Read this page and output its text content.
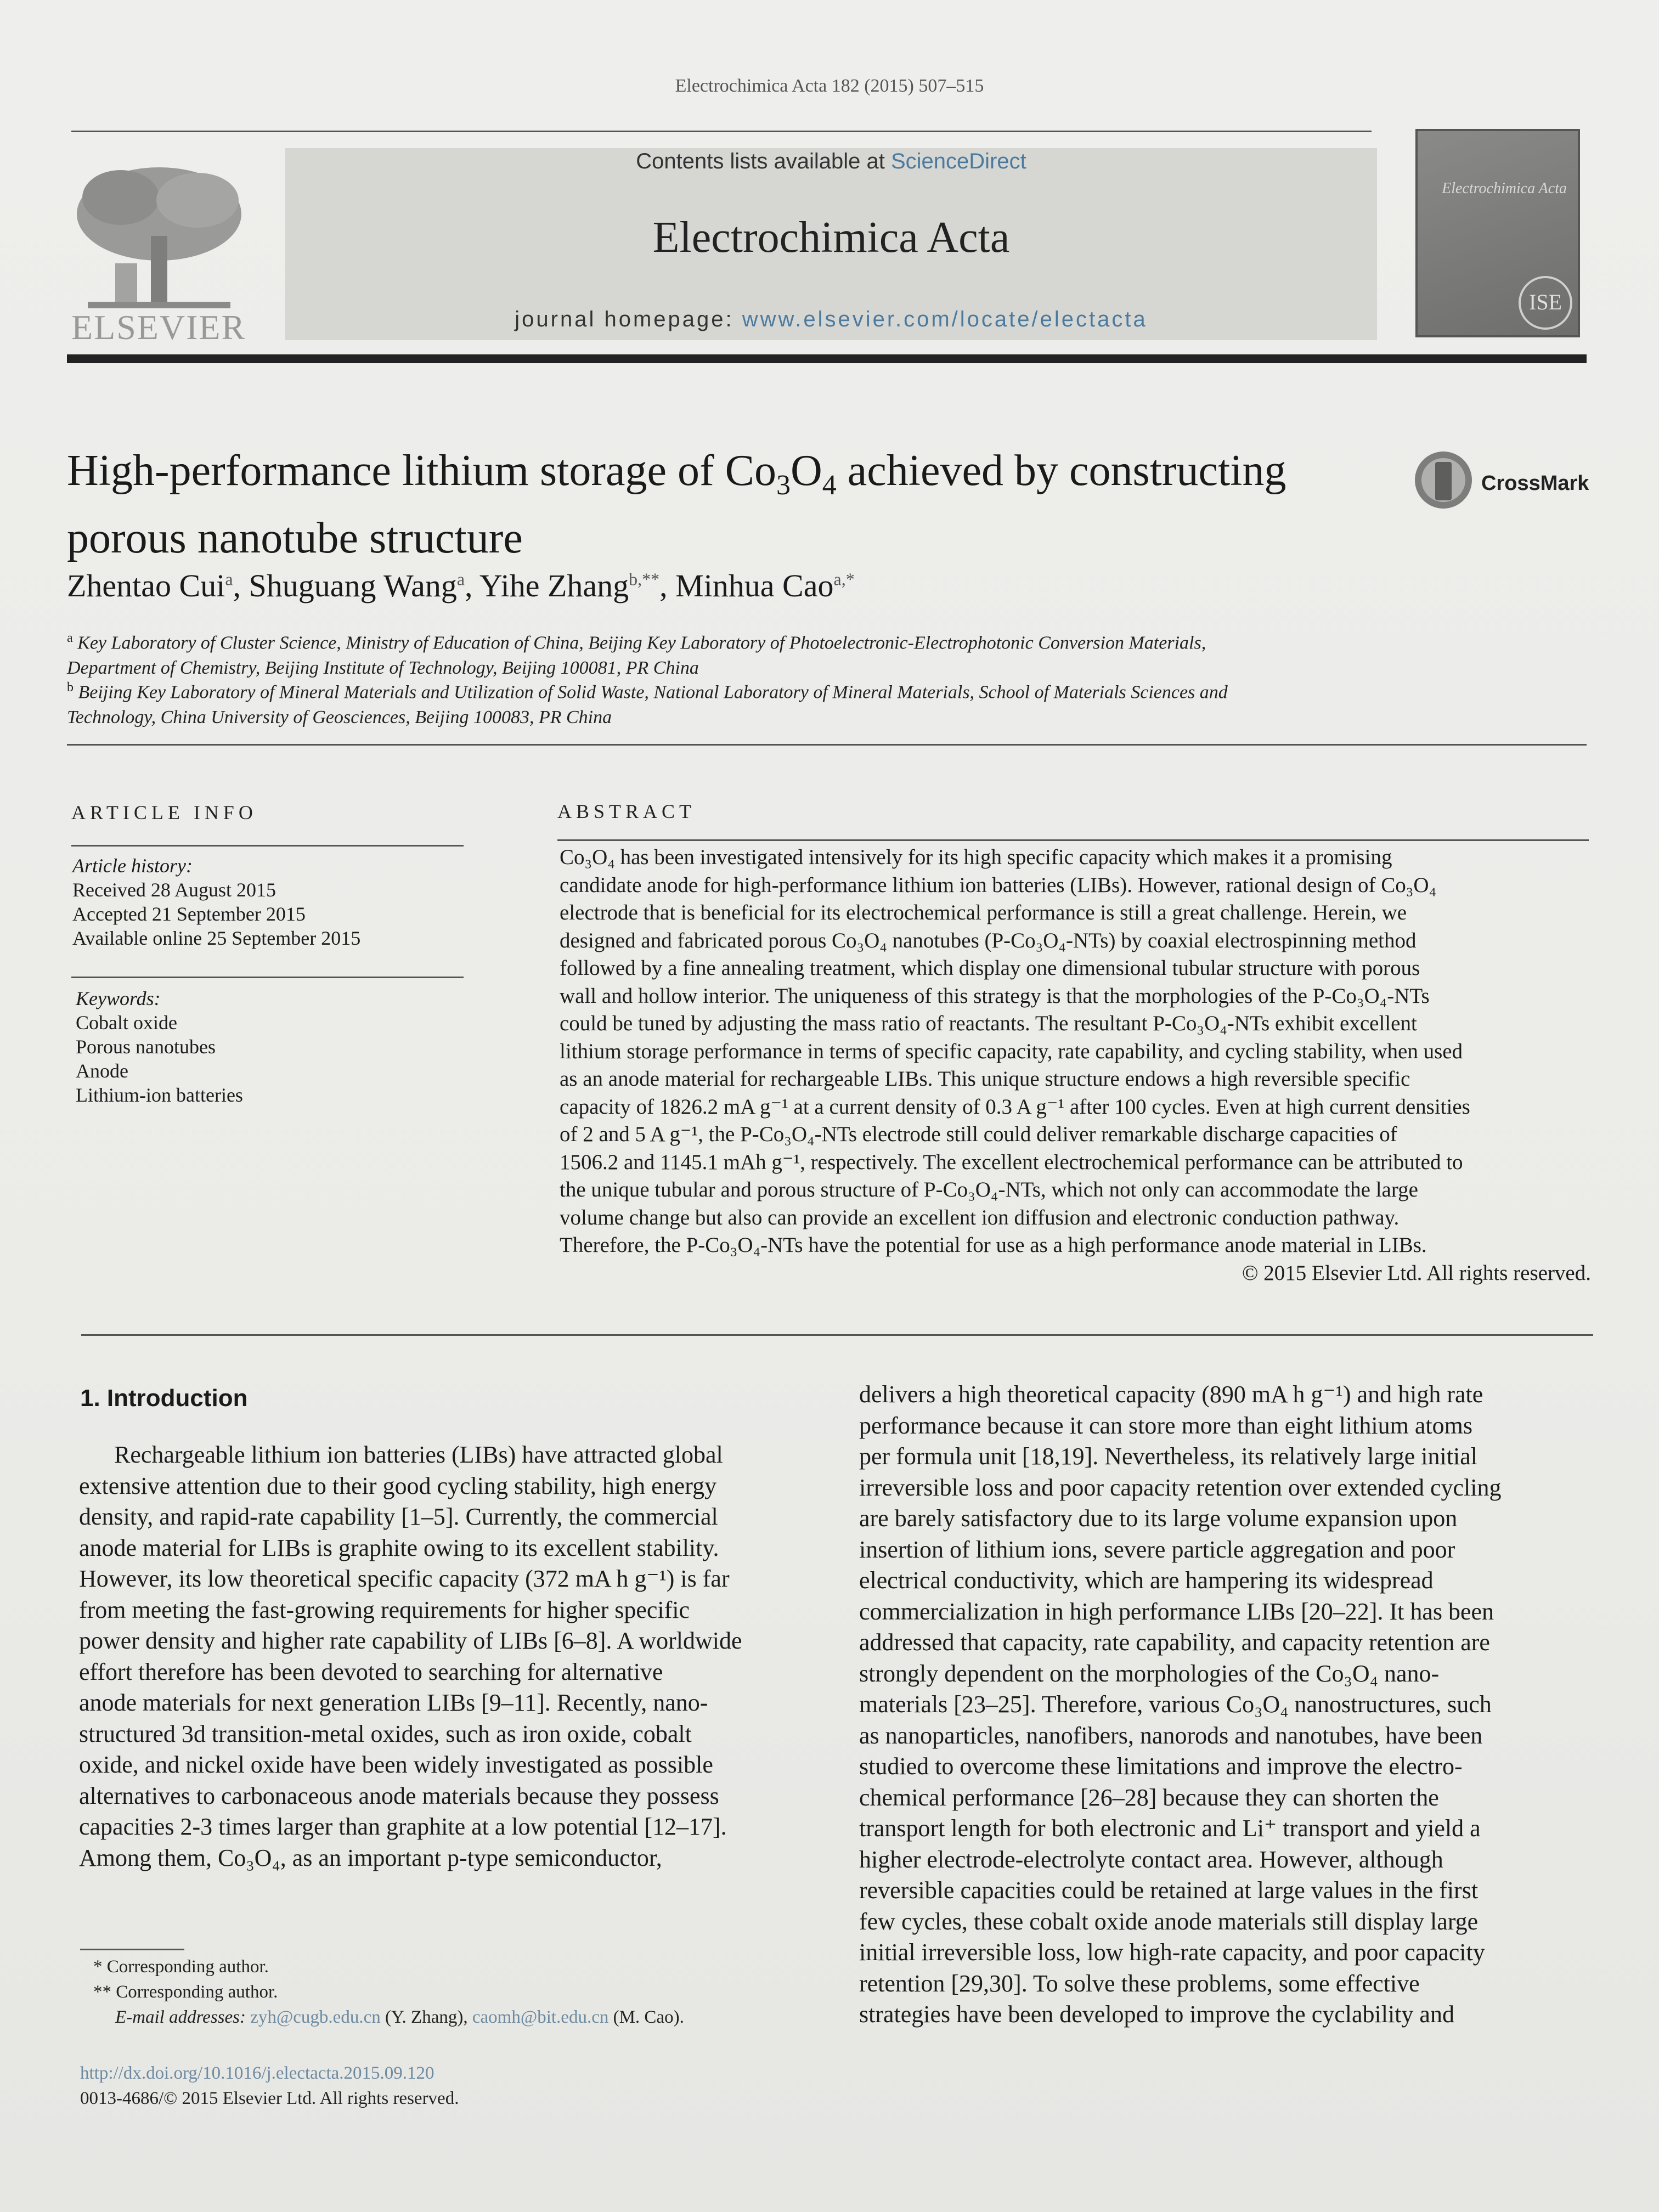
Electrochimica Acta 182 (2015) 507–515
ELSEVIER
Contents lists available at ScienceDirect
Electrochimica Acta
journal homepage: www.elsevier.com/locate/electacta
Electrochimica Acta
ISE
High-performance lithium storage of $Co_3O_4$ achieved by constructing
porous nanotube structure
CrossMark
Zhentao Cui$^a$, Shuguang Wang$^a$, Yihe Zhang$^{b,**}$, Minhua Cao$^{a,*}$
$^a$ Key Laboratory of Cluster Science, Ministry of Education of China, Beijing Key Laboratory of Photoelectronic-Electrophotonic Conversion Materials,
Department of Chemistry, Beijing Institute of Technology, Beijing 100081, PR China
$^b$ Beijing Key Laboratory of Mineral Materials and Utilization of Solid Waste, National Laboratory of Mineral Materials, School of Materials Sciences and
Technology, China University of Geosciences, Beijing 100083, PR China
ARTICLE INFO
Article history:
Received 28 August 2015
Accepted 21 September 2015
Available online 25 September 2015
Keywords:
Cobalt oxide
Porous nanotubes
Anode
Lithium-ion batteries
ABSTRACT
Co₃O₄ has been investigated intensively for its high specific capacity which makes it a promising
candidate anode for high-performance lithium ion batteries (LIBs). However, rational design of Co₃O₄
electrode that is beneficial for its electrochemical performance is still a great challenge. Herein, we
designed and fabricated porous Co₃O₄ nanotubes (P-Co₃O₄-NTs) by coaxial electrospinning method
followed by a fine annealing treatment, which display one dimensional tubular structure with porous
wall and hollow interior. The uniqueness of this strategy is that the morphologies of the P-Co₃O₄-NTs
could be tuned by adjusting the mass ratio of reactants. The resultant P-Co₃O₄-NTs exhibit excellent
lithium storage performance in terms of specific capacity, rate capability, and cycling stability, when used
as an anode material for rechargeable LIBs. This unique structure endows a high reversible specific
capacity of 1826.2 mA g⁻¹ at a current density of 0.3 A g⁻¹ after 100 cycles. Even at high current densities
of 2 and 5 A g⁻¹, the P-Co₃O₄-NTs electrode still could deliver remarkable discharge capacities of
1506.2 and 1145.1 mAh g⁻¹, respectively. The excellent electrochemical performance can be attributed to
the unique tubular and porous structure of P-Co₃O₄-NTs, which not only can accommodate the large
volume change but also can provide an excellent ion diffusion and electronic conduction pathway.
Therefore, the P-Co₃O₄-NTs have the potential for use as a high performance anode material in LIBs.
© 2015 Elsevier Ltd. All rights reserved.
1. Introduction

Rechargeable lithium ion batteries (LIBs) have attracted global

extensive attention due to their good cycling stability, high energy

density, and rapid-rate capability [1–5]. Currently, the commercial

anode material for LIBs is graphite owing to its excellent stability.

However, its low theoretical specific capacity (372 mA h g⁻¹) is far

from meeting the fast-growing requirements for higher specific

power density and higher rate capability of LIBs [6–8]. A worldwide

effort therefore has been devoted to searching for alternative

anode materials for next generation LIBs [9–11]. Recently, nano-

structured 3d transition-metal oxides, such as iron oxide, cobalt

oxide, and nickel oxide have been widely investigated as possible

alternatives to carbonaceous anode materials because they possess

capacities 2-3 times larger than graphite at a low potential [12–17].

Among them, Co₃O₄, as an important p-type semiconductor,

delivers a high theoretical capacity (890 mA h g⁻¹) and high rate

performance because it can store more than eight lithium atoms

per formula unit [18,19]. Nevertheless, its relatively large initial

irreversible loss and poor capacity retention over extended cycling

are barely satisfactory due to its large volume expansion upon

insertion of lithium ions, severe particle aggregation and poor

electrical conductivity, which are hampering its widespread

commercialization in high performance LIBs [20–22]. It has been

addressed that capacity, rate capability, and capacity retention are

strongly dependent on the morphologies of the Co₃O₄ nano-

materials [23–25]. Therefore, various Co₃O₄ nanostructures, such

as nanoparticles, nanofibers, nanorods and nanotubes, have been

studied to overcome these limitations and improve the electro-

chemical performance [26–28] because they can shorten the

transport length for both electronic and Li⁺ transport and yield a

higher electrode-electrolyte contact area. However, although

reversible capacities could be retained at large values in the first

few cycles, these cobalt oxide anode materials still display large

initial irreversible loss, low high-rate capacity, and poor capacity

retention [29,30]. To solve these problems, some effective

strategies have been developed to improve the cyclability and

* Corresponding author.
** Corresponding author.
E-mail addresses: zyh@cugb.edu.cn (Y. Zhang), caomh@bit.edu.cn (M. Cao).
http://dx.doi.org/10.1016/j.electacta.2015.09.120
0013-4686/© 2015 Elsevier Ltd. All rights reserved.
